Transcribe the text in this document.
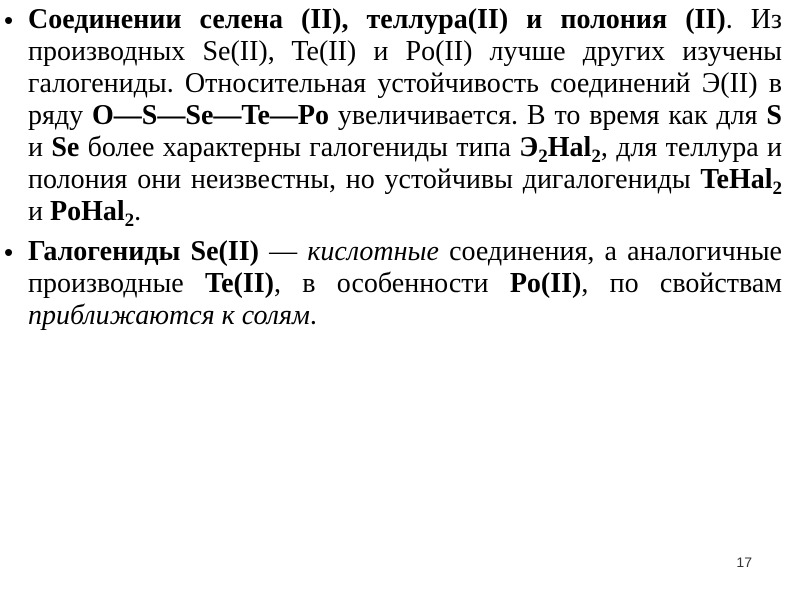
• Соединении селена (II), теллура(II) и полония (II). Из производных Se(II), Te(II) и Po(II) лучше других изучены галогениды. Относительная устойчивость соединений Э(II) в ряду O—S—Se—Te—Po увеличивается. В то время как для S и Se более характерны галогениды типа $Э_2Hal_2$, для теллура и полония они неизвестны, но устойчивы дигалогениды TeHal$_2$ и PoHal$_2$.
• Галогениды Se(II) — кислотные соединения, а аналогичные производные Te(II), в особенности Po(II), по свойствам приближаются к солям.
17
